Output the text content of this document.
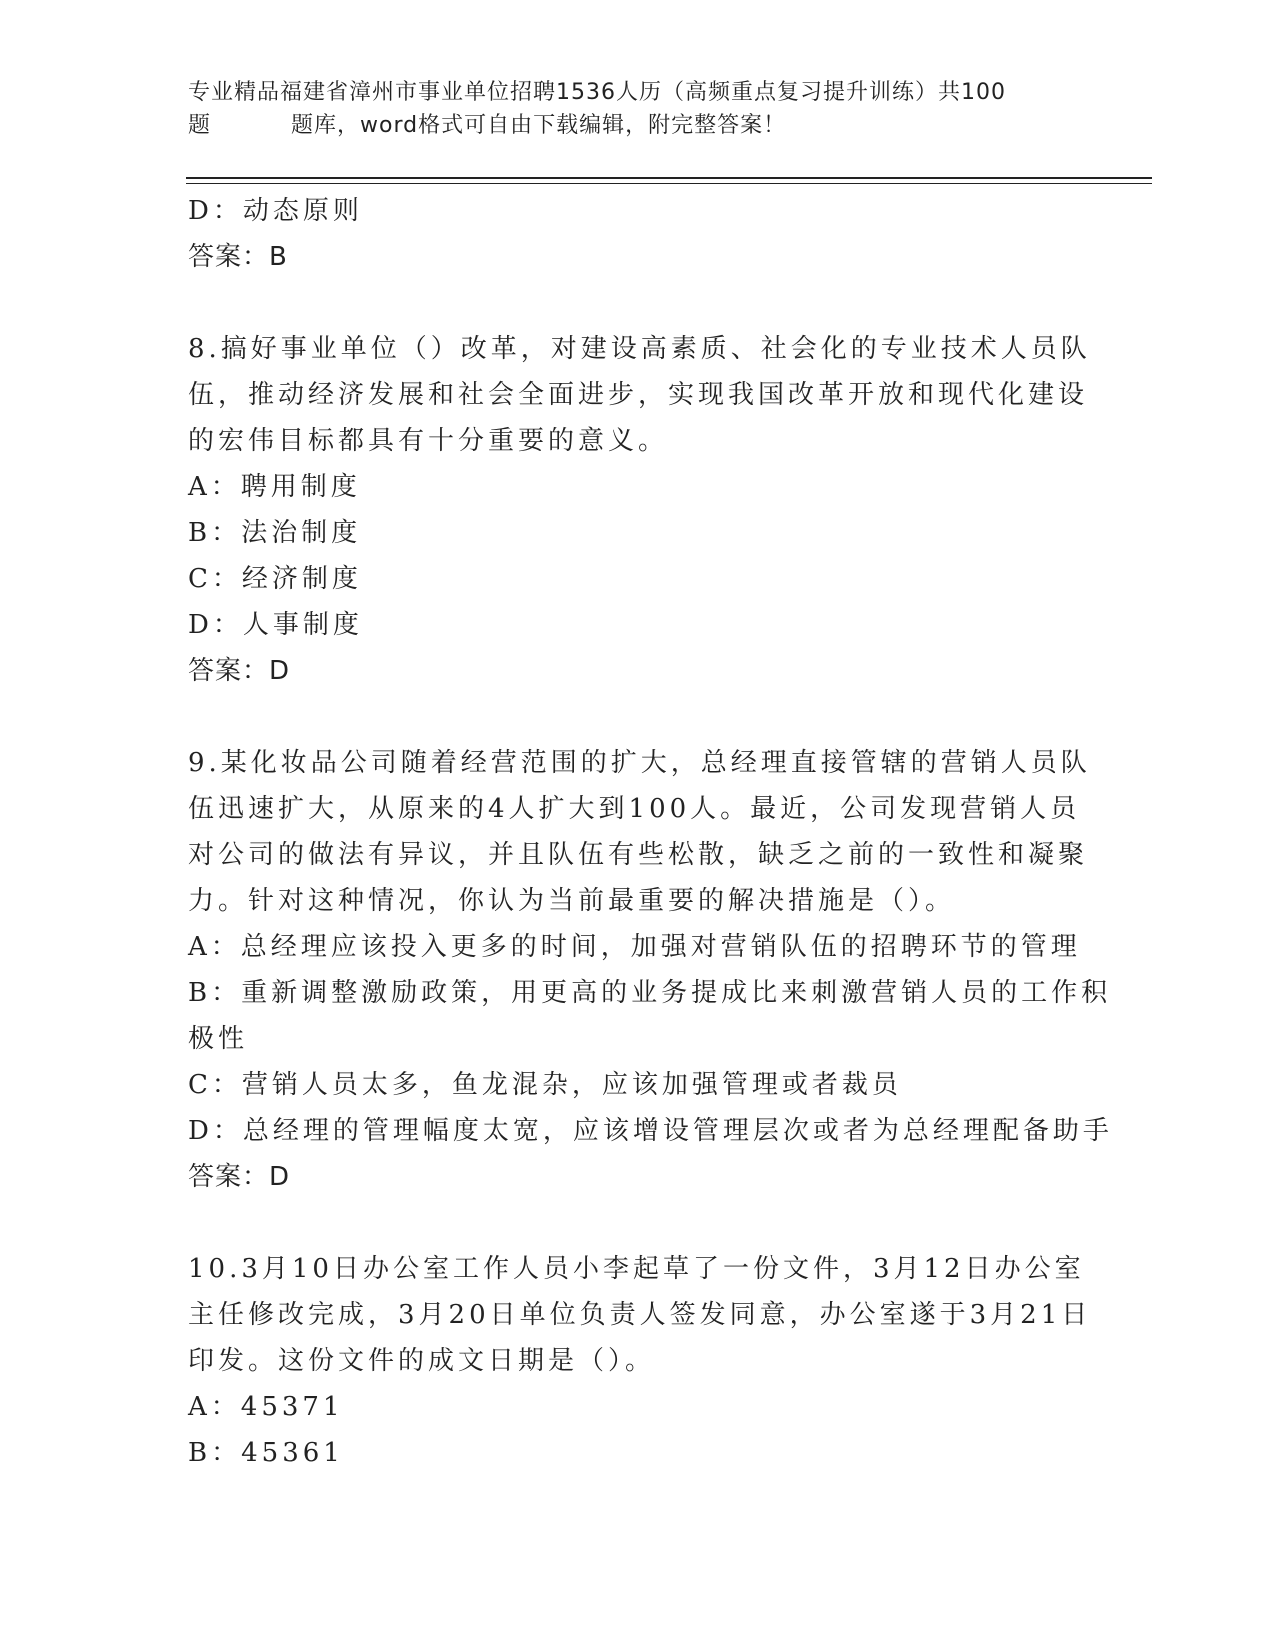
专业精品福建省漳州市事业单位招聘1536人历（高频重点复习提升训练）共100
题	题库，word格式可自由下载编辑，附完整答案！
D：动态原则
答案：B
8.搞好事业单位（）改革，对建设高素质、社会化的专业技术人员队
伍，推动经济发展和社会全面进步，实现我国改革开放和现代化建设
的宏伟目标都具有十分重要的意义。
A：聘用制度
B：法治制度
C：经济制度
D：人事制度
答案：D
9.某化妆品公司随着经营范围的扩大，总经理直接管辖的营销人员队
伍迅速扩大，从原来的4人扩大到100人。最近，公司发现营销人员
对公司的做法有异议，并且队伍有些松散，缺乏之前的一致性和凝聚
力。针对这种情况，你认为当前最重要的解决措施是（）。
A：总经理应该投入更多的时间，加强对营销队伍的招聘环节的管理
B：重新调整激励政策，用更高的业务提成比来刺激营销人员的工作积
极性
C：营销人员太多，鱼龙混杂，应该加强管理或者裁员
D：总经理的管理幅度太宽，应该增设管理层次或者为总经理配备助手
答案：D
10.3月10日办公室工作人员小李起草了一份文件，3月12日办公室
主任修改完成，3月20日单位负责人签发同意，办公室遂于3月21日
印发。这份文件的成文日期是（）。
A：45371
B：45361
